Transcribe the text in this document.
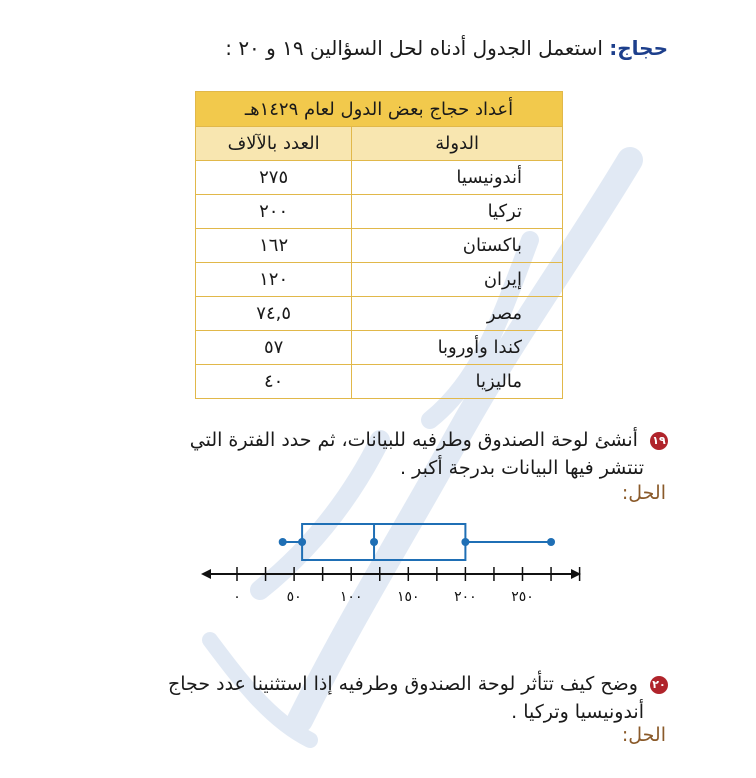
حجاج: استعمل الجدول أدناه لحل السؤالين ١٩ و ٢٠ :
أعداد حجاج بعض الدول لعام ١٤٢٩هـ	
الدولة	العدد بالآلاف
أندونيسيا	٢٧٥
تركيا	٢٠٠
باكستان	١٦٢
إيران	١٢٠
مصر	٧٤,٥
كندا وأوروبا	٥٧
ماليزيا	٤٠
١٩ أنشئ لوحة الصندوق وطرفيه للبيانات، ثم حدد الفترة التي
تنتشر فيها البيانات بدرجة أكبر .
الحل:
٠	٥٠	١٠٠ ١٥٠ ٢٠٠ ٢٥٠
٢٠ وضح كيف تتأثر لوحة الصندوق وطرفيه إذا استثنينا عدد حجاج
أندونيسيا وتركيا .
الحل:
